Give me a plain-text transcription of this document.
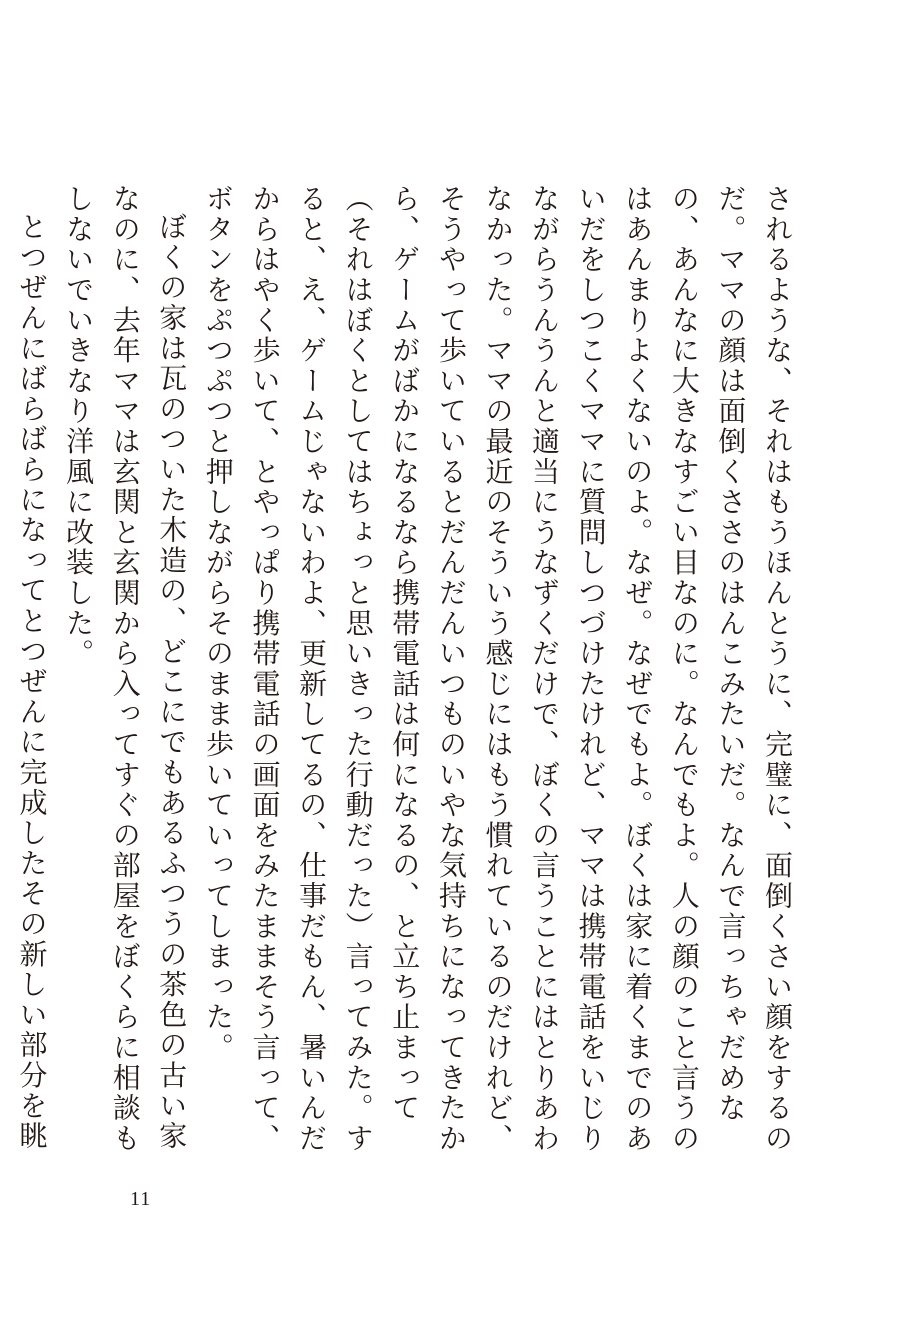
されるような、それはもうほんとうに、完璧に、面倒くさい顔をするのだ。ママの顔は面倒くささのはんこみたいだ。なんで言っちゃだめなの、あんなに大きなすごい目なのに。なんでもよ。人の顔のこと言うのはあんまりよくないのよ。なぜ。なぜでもよ。ぼくは家に着くまでのあいだをしつこくママに質問しつづけたけれど、ママは携帯電話をいじりながらうんうんと適当にうなずくだけで、ぼくの言うことにはとりあわなかった。ママの最近のそういう感じにはもう慣れているのだけれど、そうやって歩いているとだんだんいつものいやな気持ちになってきたから、ゲームがばかになるなら携帯電話は何になるの、と立ち止まって（それはぼくとしてはちょっと思いきった行動だった）言ってみた。すると、え、ゲームじゃないわよ、更新してるの、仕事だもん、暑いんだからはやく歩いて、とやっぱり携帯電話の画面をみたままそう言って、ボタンをぷつぷつと押しながらそのまま歩いていってしまった。

ぼくの家は瓦のついた木造の、どこにでもあるふつうの茶色の古い家なのに、去年ママは玄関と玄関から入ってすぐの部屋をぼくらに相談もしないでいきなり洋風に改装した。

とつぜんにばらばらになってとつぜんに完成したその新しい部分を眺

11
